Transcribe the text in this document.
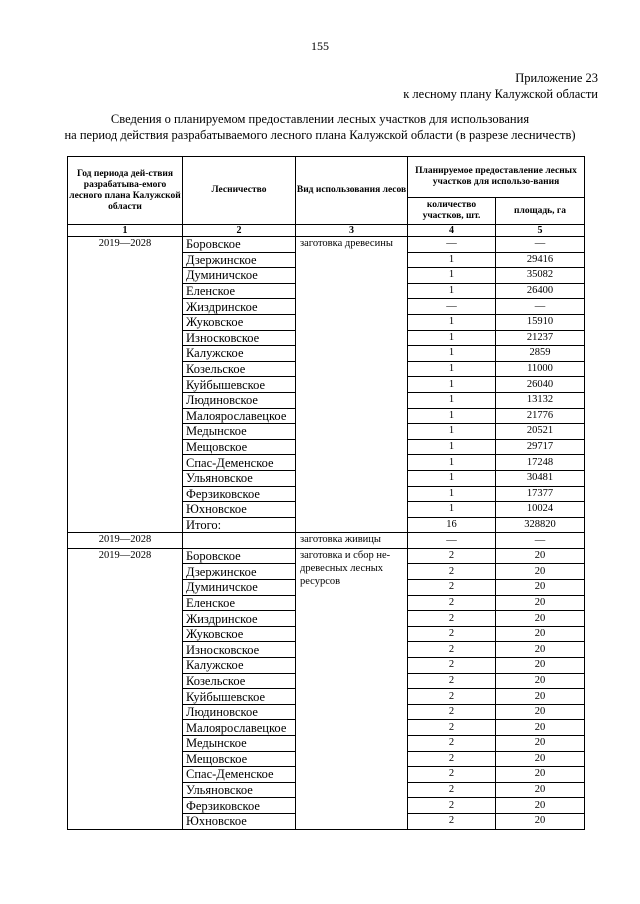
155
Приложение 23
к лесному плану Калужской области
Сведения о планируемом предоставлении лесных участков для использования
на период действия разрабатываемого лесного плана Калужской области (в разрезе лесничеств)
Год периода дей-ствия разрабатыва-емого лесного плана Калужской области	Лесничество	Вид использования лесов	Планируемое предоставление лесных участков для использо-вания	
			количество участков, шт.	площадь, га
1	2	3	4	5
2019—2028	Боровское	заготовка древесины	—	—
	Дзержинское		1	29416
	Думиничское		1	35082
	Еленское		1	26400
	Жиздринское		—	—
	Жуковское		1	15910
	Износковское		1	21237
	Калужское		1	2859
	Козельское		1	11000
	Куйбышевское		1	26040
	Людиновское		1	13132
	Малоярославецкое		1	21776
	Медынское		1	20521
	Мещовское		1	29717
	Спас-Деменское		1	17248
	Ульяновское		1	30481
	Ферзиковское		1	17377
	Юхновское		1	10024
	Итого:		16	328820
2019—2028		заготовка живицы	—	—
2019—2028	Боровское	заготовка и сбор не-древесных лесных ресурсов	2	20
	Дзержинское		2	20
	Думиничское		2	20
	Еленское		2	20
	Жиздринское		2	20
	Жуковское		2	20
	Износковское		2	20
	Калужское		2	20
	Козельское		2	20
	Куйбышевское		2	20
	Людиновское		2	20
	Малоярославецкое		2	20
	Медынское		2	20
	Мещовское		2	20
	Спас-Деменское		2	20
	Ульяновское		2	20
	Ферзиковское		2	20
	Юхновское		2	20
